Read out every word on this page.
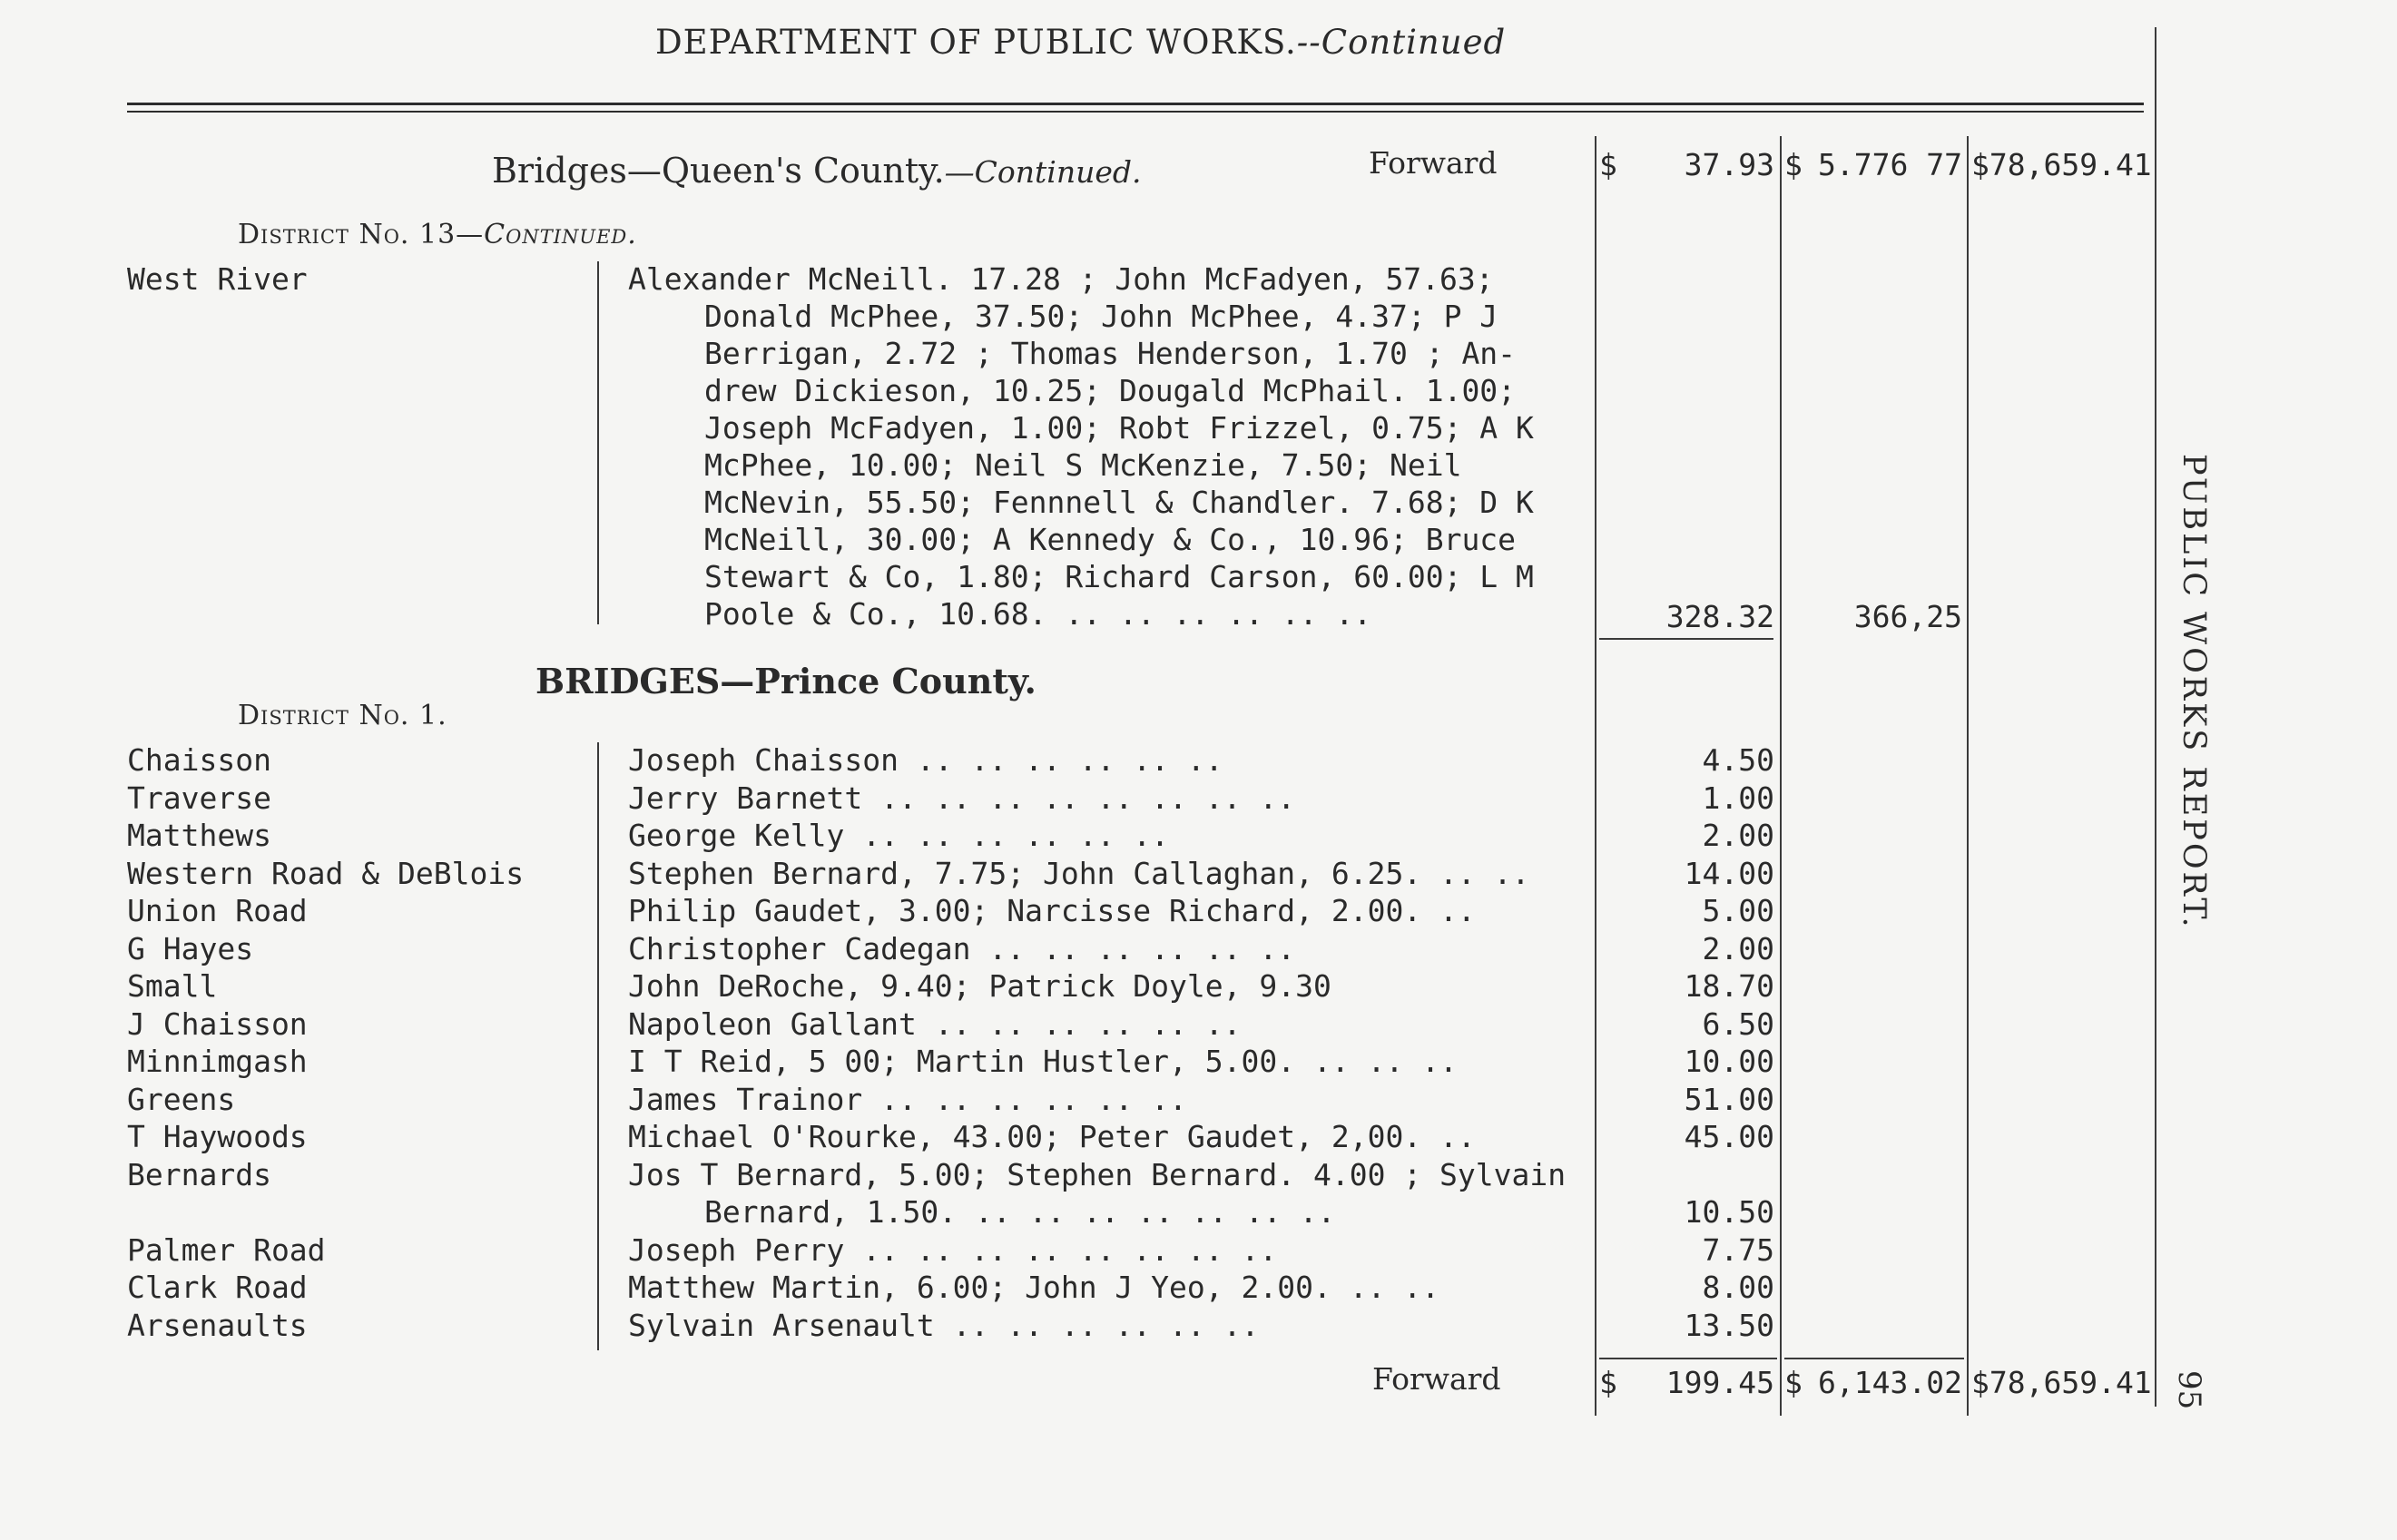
DEPARTMENT OF PUBLIC WORKS.--Continued
Bridges—Queen's County.—Continued.	Forward	$	37.93 $ 5.776 77 $78,659.41
District No. 13—Continued.
West River	Alexander McNeill. 17.28 ; John McFadyen, 57.63;
Donald McPhee, 37.50; John McPhee, 4.37; P J
Berrigan, 2.72 ; Thomas Henderson, 1.70 ; An-
drew Dickieson, 10.25; Dougald McPhail. 1.00;
Joseph McFadyen, 1.00; Robt Frizzel, 0.75; A K
McPhee, 10.00; Neil S McKenzie, 7.50; Neil
McNevin, 55.50; Fennnell & Chandler. 7.68; D K
McNeill, 30.00; A Kennedy & Co., 10.96; Bruce
Stewart & Co, 1.80; Richard Carson, 60.00; L M
Poole & Co., 10.68. .. .. .. .. .. ..	328.32	366,25
BRIDGES—Prince County.
District No. 1.
Chaisson	Joseph Chaisson .. .. .. .. .. ..	4.50
Traverse	Jerry Barnett .. .. .. .. .. .. .. ..	1.00
Matthews	George Kelly .. .. .. .. .. ..	2.00
Western Road & DeBlois	Stephen Bernard, 7.75; John Callaghan, 6.25. .. ..	14.00
Union Road	Philip Gaudet, 3.00; Narcisse Richard, 2.00. ..	5.00
G Hayes	Christopher Cadegan .. .. .. .. .. ..	2.00
Small	John DeRoche, 9.40; Patrick Doyle, 9.30	18.70
J Chaisson	Napoleon Gallant .. .. .. .. .. ..	6.50
Minnimgash	I T Reid, 5 00; Martin Hustler, 5.00. .. .. ..	10.00
Greens	James Trainor .. .. .. .. .. ..	51.00
T Haywoods	Michael O'Rourke, 43.00; Peter Gaudet, 2,00. ..	45.00
Bernards	Jos T Bernard, 5.00; Stephen Bernard. 4.00 ; Sylvain
Bernard, 1.50. .. .. .. .. .. .. ..	10.50
Palmer Road	Joseph Perry .. .. .. .. .. .. .. ..	7.75
Clark Road	Matthew Martin, 6.00; John J Yeo, 2.00. .. ..	8.00
Arsenaults	Sylvain Arsenault .. .. .. .. .. ..	13.50
Forward	$	199.45 $ 6,143.02 $78,659.41
PUBLIC WORKS REPORT.
95
